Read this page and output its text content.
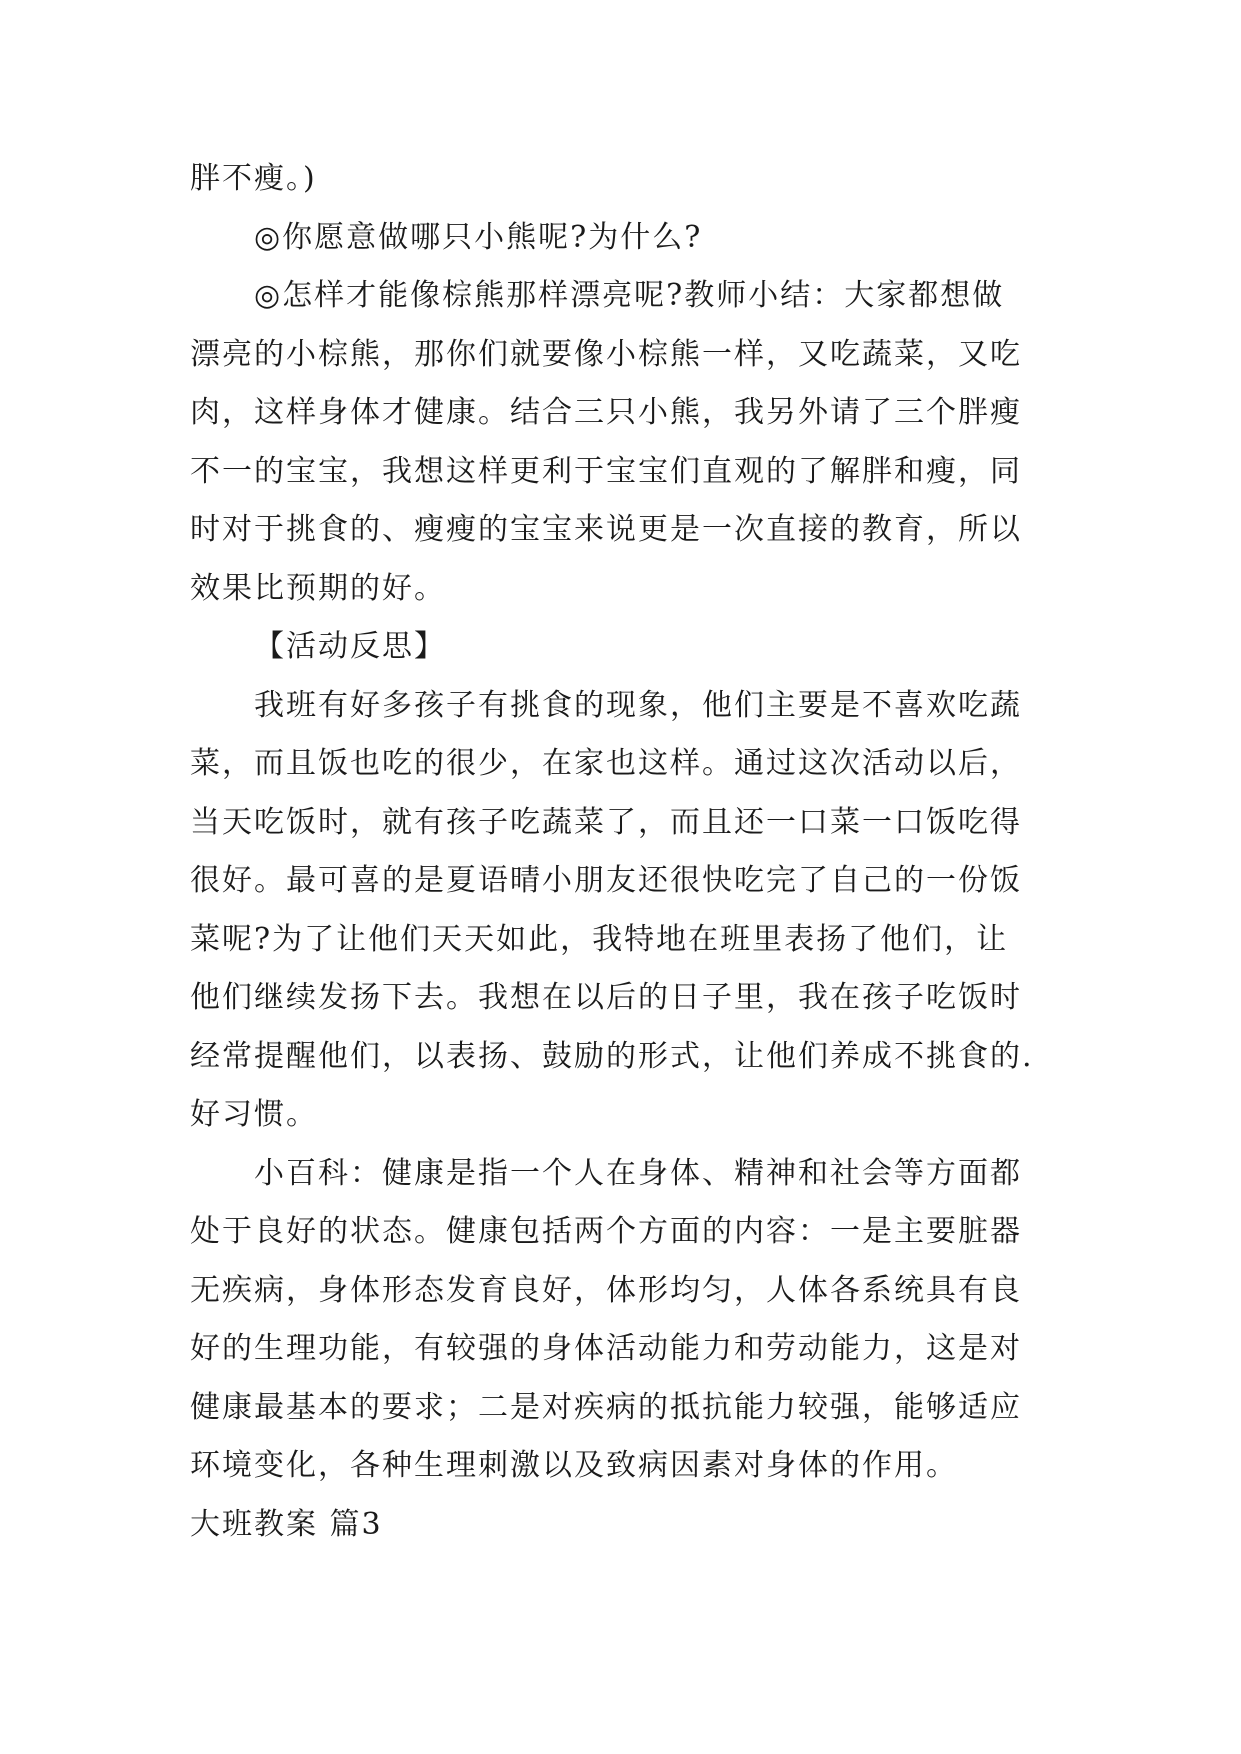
胖不瘦。)
◎你愿意做哪只小熊呢?为什么?
◎怎样才能像棕熊那样漂亮呢?教师小结：大家都想做
漂亮的小棕熊，那你们就要像小棕熊一样，又吃蔬菜，又吃
肉，这样身体才健康。结合三只小熊，我另外请了三个胖瘦
不一的宝宝，我想这样更利于宝宝们直观的了解胖和瘦，同
时对于挑食的、瘦瘦的宝宝来说更是一次直接的教育，所以
效果比预期的好。
【活动反思】
我班有好多孩子有挑食的现象，他们主要是不喜欢吃蔬
菜，而且饭也吃的很少，在家也这样。通过这次活动以后，
当天吃饭时，就有孩子吃蔬菜了，而且还一口菜一口饭吃得
很好。最可喜的是夏语晴小朋友还很快吃完了自己的一份饭
菜呢?为了让他们天天如此，我特地在班里表扬了他们，让
他们继续发扬下去。我想在以后的日子里，我在孩子吃饭时
经常提醒他们，以表扬、鼓励的形式，让他们养成不挑食的.
好习惯。
小百科：健康是指一个人在身体、精神和社会等方面都
处于良好的状态。健康包括两个方面的内容：一是主要脏器
无疾病，身体形态发育良好，体形均匀，人体各系统具有良
好的生理功能，有较强的身体活动能力和劳动能力，这是对
健康最基本的要求；二是对疾病的抵抗能力较强，能够适应
环境变化，各种生理刺激以及致病因素对身体的作用。
大班教案 篇3
